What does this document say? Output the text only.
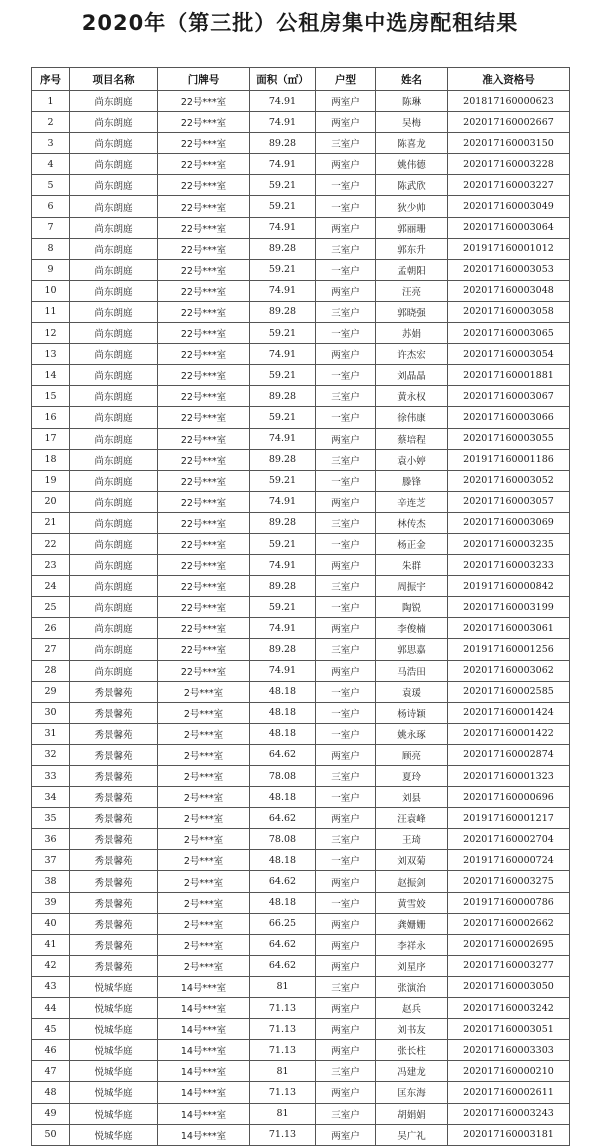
2020年（第三批）公租房集中选房配租结果
序号	项目名称	门牌号	面积（㎡）	户型	姓名	准入资格号
1	尚东朗庭	22号***室	74.91	两室户	陈琳	201817160000623
2	尚东朗庭	22号***室	74.91	两室户	吴梅	202017160002667
3	尚东朗庭	22号***室	89.28	三室户	陈喜龙	202017160003150
4	尚东朗庭	22号***室	74.91	两室户	姚伟德	202017160003228
5	尚东朗庭	22号***室	59.21	一室户	陈武欣	202017160003227
6	尚东朗庭	22号***室	59.21	一室户	狄少帅	202017160003049
7	尚东朗庭	22号***室	74.91	两室户	郭丽珊	202017160003064
8	尚东朗庭	22号***室	89.28	三室户	郭东升	201917160001012
9	尚东朗庭	22号***室	59.21	一室户	孟朝阳	202017160003053
10	尚东朗庭	22号***室	74.91	两室户	汪亮	202017160003048
11	尚东朗庭	22号***室	89.28	三室户	郭晓强	202017160003058
12	尚东朗庭	22号***室	59.21	一室户	苏娟	202017160003065
13	尚东朗庭	22号***室	74.91	两室户	许杰宏	202017160003054
14	尚东朗庭	22号***室	59.21	一室户	刘晶晶	202017160001881
15	尚东朗庭	22号***室	89.28	三室户	黄永权	202017160003067
16	尚东朗庭	22号***室	59.21	一室户	徐伟康	202017160003066
17	尚东朗庭	22号***室	74.91	两室户	蔡培程	202017160003055
18	尚东朗庭	22号***室	89.28	三室户	袁小婷	201917160001186
19	尚东朗庭	22号***室	59.21	一室户	滕锋	202017160003052
20	尚东朗庭	22号***室	74.91	两室户	辛连芝	202017160003057
21	尚东朗庭	22号***室	89.28	三室户	林传杰	202017160003069
22	尚东朗庭	22号***室	59.21	一室户	杨正金	202017160003235
23	尚东朗庭	22号***室	74.91	两室户	朱群	202017160003233
24	尚东朗庭	22号***室	89.28	三室户	周振宇	201917160000842
25	尚东朗庭	22号***室	59.21	一室户	陶锐	202017160003199
26	尚东朗庭	22号***室	74.91	两室户	李俊楠	202017160003061
27	尚东朗庭	22号***室	89.28	三室户	郭思嘉	201917160001256
28	尚东朗庭	22号***室	74.91	两室户	马浩田	202017160003062
29	秀景馨苑	2号***室	48.18	一室户	袁瑗	202017160002585
30	秀景馨苑	2号***室	48.18	一室户	杨诗颖	202017160001424
31	秀景馨苑	2号***室	48.18	一室户	姚永琢	202017160001422
32	秀景馨苑	2号***室	64.62	两室户	顾亮	202017160002874
33	秀景馨苑	2号***室	78.08	三室户	夏玲	202017160001323
34	秀景馨苑	2号***室	48.18	一室户	刘县	202017160000696
35	秀景馨苑	2号***室	64.62	两室户	汪袁峰	201917160001217
36	秀景馨苑	2号***室	78.08	三室户	王琦	202017160002704
37	秀景馨苑	2号***室	48.18	一室户	刘双菊	201917160000724
38	秀景馨苑	2号***室	64.62	两室户	赵振剑	202017160003275
39	秀景馨苑	2号***室	48.18	一室户	黄雪姣	201917160000786
40	秀景馨苑	2号***室	66.25	两室户	龚姗姗	202017160002662
41	秀景馨苑	2号***室	64.62	两室户	李祥永	202017160002695
42	秀景馨苑	2号***室	64.62	两室户	刘星序	202017160003277
43	悦城华庭	14号***室	81	三室户	张演治	202017160003050
44	悦城华庭	14号***室	71.13	两室户	赵兵	202017160003242
45	悦城华庭	14号***室	71.13	两室户	刘书友	202017160003051
46	悦城华庭	14号***室	71.13	两室户	张长柱	202017160003303
47	悦城华庭	14号***室	81	三室户	冯建龙	202017160000210
48	悦城华庭	14号***室	71.13	两室户	匡东海	202017160002611
49	悦城华庭	14号***室	81	三室户	胡娟娟	202017160003243
50	悦城华庭	14号***室	71.13	两室户	吴广礼	202017160003181
